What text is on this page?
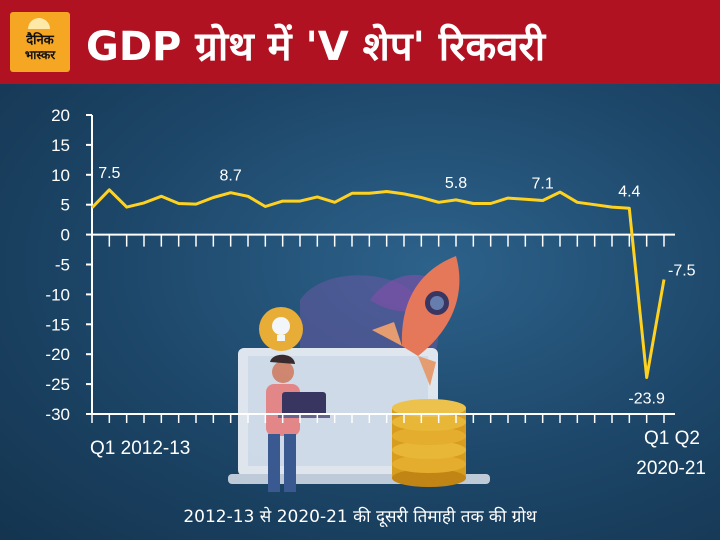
दैनिक
भास्कर GDP ग्रोथ में 'V शेप' रिकवरी
20
15
10
5
0
-5
-10
-15
-20
-25
-30
7.5	8.7	5.8	7.1	4.4
-23.9
-7.5
Q1 2012-13	Q1 Q2
2020-21
2012-13 से 2020-21 की दूसरी तिमाही तक की ग्रोथ
